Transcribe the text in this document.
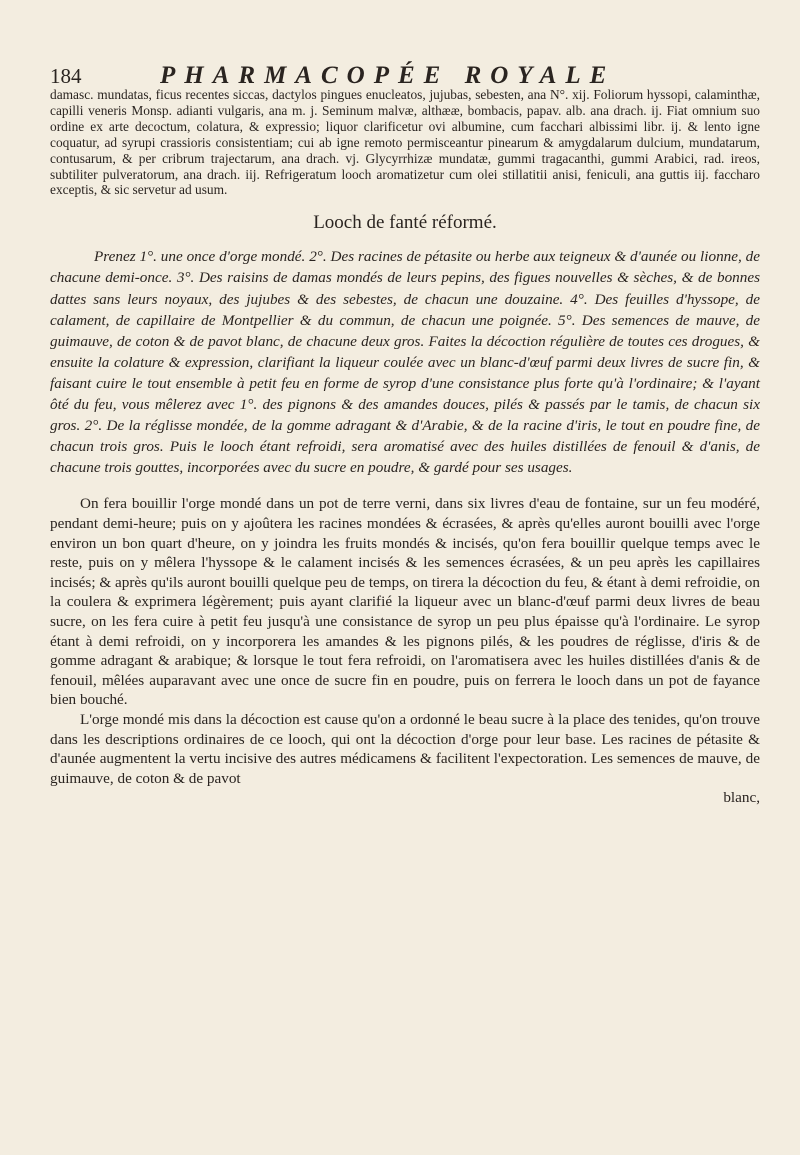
184	PHARMACOPÉE ROYALE

damasc. mundatas, ficus recentes siccas, dactylos pingues enucleatos, jujubas, sebesten, ana N°. xij. Foliorum hyssopi, calaminthæ, capilli veneris Monsp. adianti vulgaris, ana m. j. Seminum malvæ, althææ, bombacis, papav. alb. ana drach. ij. Fiat omnium suo ordine ex arte decoctum, colatura, & expressio; liquor clarificetur ovi albumine, cum facchari albissimi libr. ij. & lento igne coquatur, ad syrupi crassioris consistentiam; cui ab igne remoto permisceantur pinearum & amygdalarum dulcium, mundatarum, contusarum, & per cribrum trajectarum, ana drach. vj. Glycyrrhizæ mundatæ, gummi tragacanthi, gummi Arabici, rad. ireos, subtiliter pulveratorum, ana drach. iij. Refrigeratum looch aromatizetur cum olei stillatitii anisi, feniculi, ana guttis iij. faccharo exceptis, & sic servetur ad usum.

Looch de fanté réformé.

Prenez 1°. une once d'orge mondé. 2°. Des racines de pétasite ou herbe aux teigneux & d'aunée ou lionne, de chacune demi-once. 3°. Des raisins de damas mondés de leurs pepins, des figues nouvelles & sèches, & de bonnes dattes sans leurs noyaux, des jujubes & des sebestes, de chacun une douzaine. 4°. Des feuilles d'hyssope, de calament, de capillaire de Montpellier & du commun, de chacun une poignée. 5°. Des semences de mauve, de guimauve, de coton & de pavot blanc, de chacune deux gros. Faites la décoction régulière de toutes ces drogues, & ensuite la colature & expression, clarifiant la liqueur coulée avec un blanc-d'œuf parmi deux livres de sucre fin, & faisant cuire le tout ensemble à petit feu en forme de syrop d'une consistance plus forte qu'à l'ordinaire; & l'ayant ôté du feu, vous mêlerez avec 1°. des pignons & des amandes douces, pilés & passés par le tamis, de chacun six gros. 2°. De la réglisse mondée, de la gomme adragant & d'Arabie, & de la racine d'iris, le tout en poudre fine, de chacun trois gros. Puis le looch étant refroidi, sera aromatisé avec des huiles distillées de fenouil & d'anis, de chacune trois gouttes, incorporées avec du sucre en poudre, & gardé pour ses usages.

On fera bouillir l'orge mondé dans un pot de terre verni, dans six livres d'eau de fontaine, sur un feu modéré, pendant demi-heure; puis on y ajoûtera les racines mondées & écrasées, & après qu'elles auront bouilli avec l'orge environ un bon quart d'heure, on y joindra les fruits mondés & incisés, qu'on fera bouillir quelque temps avec le reste, puis on y mêlera l'hyssope & le calament incisés & les semences écrasées, & un peu après les capillaires incisés; & après qu'ils auront bouilli quelque peu de temps, on tirera la décoction du feu, & étant à demi refroidie, on la coulera & exprimera légèrement; puis ayant clarifié la liqueur avec un blanc-d'œuf parmi deux livres de beau sucre, on les fera cuire à petit feu jusqu'à une consistance de syrop un peu plus épaisse qu'à l'ordinaire. Le syrop étant à demi refroidi, on y incorporera les amandes & les pignons pilés, & les poudres de réglisse, d'iris & de gomme adragant & arabique; & lorsque le tout fera refroidi, on l'aromatisera avec les huiles distillées d'anis & de fenouil, mêlées auparavant avec une once de sucre fin en poudre, puis on ferrera le looch dans un pot de fayance bien bouché.

L'orge mondé mis dans la décoction est cause qu'on a ordonné le beau sucre à la place des tenides, qu'on trouve dans les descriptions ordinaires de ce looch, qui ont la décoction d'orge pour leur base. Les racines de pétasite & d'aunée augmentent la vertu incisive des autres médicamens & facilitent l'expectoration. Les semences de mauve, de guimauve, de coton & de pavot

blanc,
